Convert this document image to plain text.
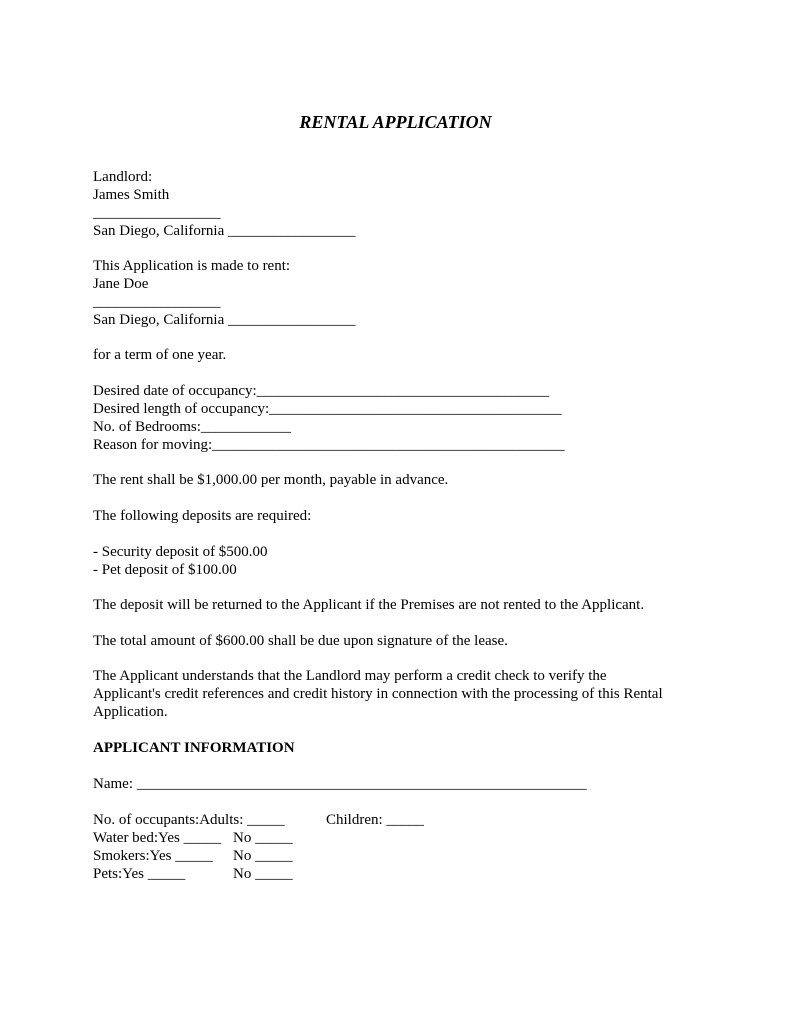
RENTAL APPLICATION
Landlord:
James Smith
_________________
San Diego, California _________________
This Application is made to rent:
Jane Doe
_________________
San Diego, California _________________
for a term of one year.
Desired date of occupancy:_______________________________________
Desired length of occupancy:_______________________________________
No. of Bedrooms:____________
Reason for moving:_______________________________________________
The rent shall be $1,000.00 per month, payable in advance.
The following deposits are required:
- Security deposit of $500.00
- Pet deposit of $100.00
The deposit will be returned to the Applicant if the Premises are not rented to the Applicant.
The total amount of $600.00 shall be due upon signature of the lease.
The Applicant understands that the Landlord may perform a credit check to verify the
Applicant's credit references and credit history in connection with the processing of this Rental
Application.
APPLICANT INFORMATION
Name: ____________________________________________________________
No. of occupants:Adults: _____	Children: _____
Water bed:Yes _____ No _____
Smokers:Yes _____ No _____
Pets:Yes _____	No _____
